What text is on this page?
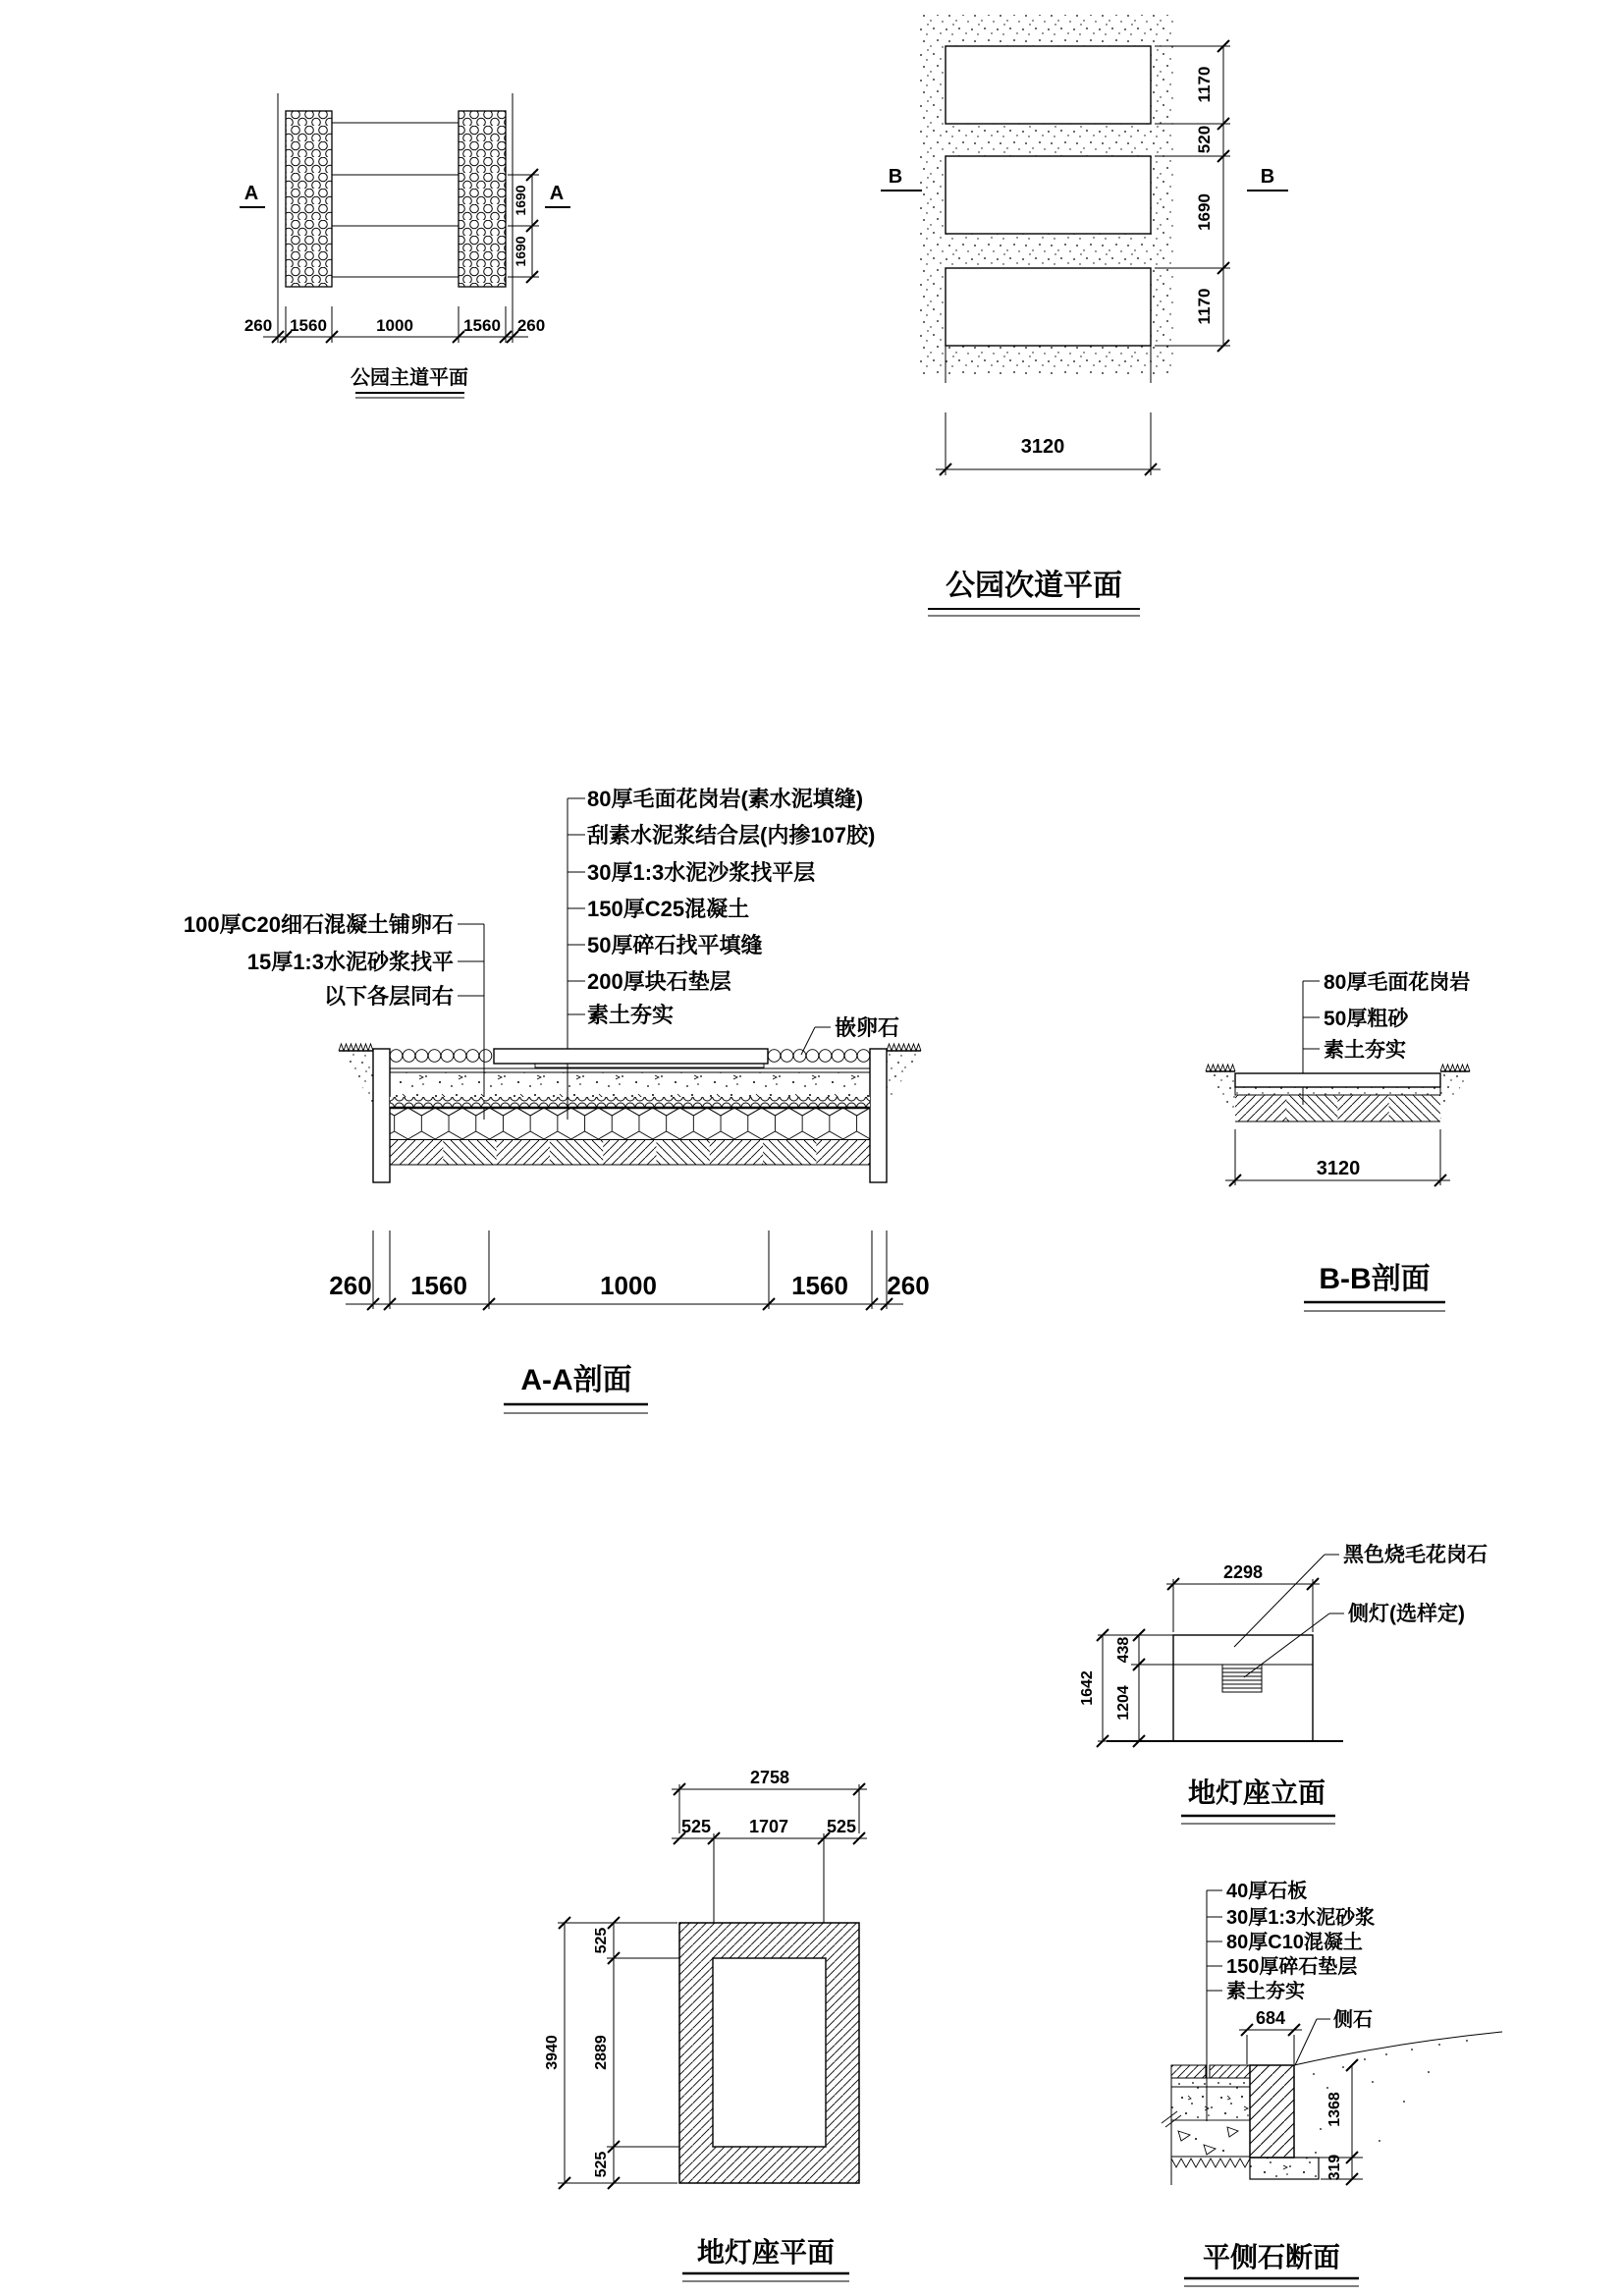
A	A
1690
1690
260 1560	1000	1560 260
公园主道平面
B	B
1170
520
1690
1170
3120
公园次道平面
100厚C20细石混凝土铺卵石
15厚1:3水泥砂浆找平
以下各层同右
80厚毛面花岗岩(素水泥填缝)
刮素水泥浆结合层(内掺107胶)
30厚1:3水泥沙浆找平层
150厚C25混凝土
50厚碎石找平填缝
200厚块石垫层
素土夯实
嵌卵石
260 1560	1000	1560 260
A-A剖面
80厚毛面花岗岩
50厚粗砂
素土夯实
3120
B-B剖面
黑色烧毛花岗石
侧灯(选样定)
2298
438
1204
1642
地灯座立面
2758
525 1707 525
3940
525
2889
525
地灯座平面
40厚石板
30厚1:3水泥砂浆
80厚C10混凝土
150厚碎石垫层
素土夯实
684 侧石
1368
319
平侧石断面
